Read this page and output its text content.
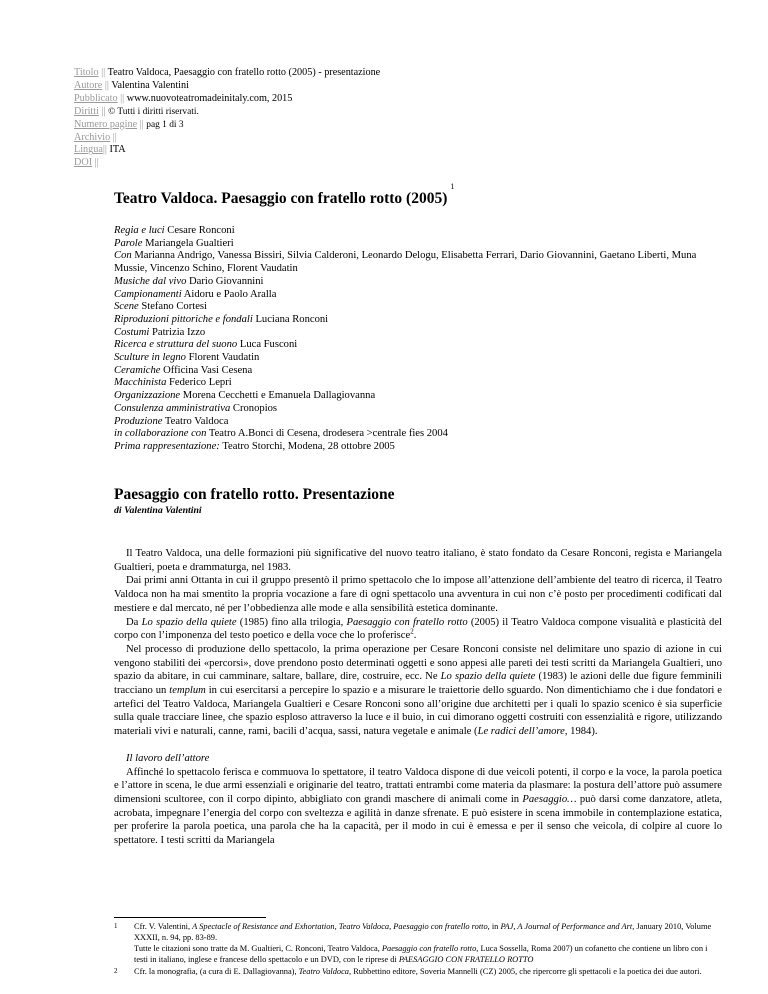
Titolo || Teatro Valdoca, Paesaggio con fratello rotto (2005) - presentazione
Autore || Valentina Valentini
Pubblicato || www.nuovoteatromadeinitaly.com, 2015
Diritti || © Tutti i diritti riservati.
Numero pagine || pag 1 di 3
Archivio ||
Lingua|| ITA
DOI ||
Teatro Valdoca. Paesaggio con fratello rotto $(2005)^1$
Regia e luci Cesare Ronconi
Parole Mariangela Gualtieri
Con Marianna Andrigo, Vanessa Bissiri, Silvia Calderoni, Leonardo Delogu, Elisabetta Ferrari, Dario Giovannini, Gaetano Liberti, Muna Mussie, Vincenzo Schino, Florent Vaudatin
Musiche dal vivo Dario Giovannini
Campionamenti Aidoru e Paolo Aralla
Scene Stefano Cortesi
Riproduzioni pittoriche e fondali Luciana Ronconi
Costumi Patrizia Izzo
Ricerca e struttura del suono Luca Fusconi
Sculture in legno Florent Vaudatin
Ceramiche Officina Vasi Cesena
Macchinista Federico Lepri
Organizzazione Morena Cecchetti e Emanuela Dallagiovanna
Consulenza amministrativa Cronopios
Produzione Teatro Valdoca
in collaborazione con Teatro A.Bonci di Cesena, drodesera >centrale fies 2004
Prima rappresentazione: Teatro Storchi, Modena, 28 ottobre 2005
Paesaggio con fratello rotto. Presentazione
di Valentina Valentini

Il Teatro Valdoca, una delle formazioni più significative del nuovo teatro italiano, è stato fondato da Cesare Ronconi, regista e Mariangela Gualtieri, poeta e drammaturga, nel 1983.

Dai primi anni Ottanta in cui il gruppo presentò il primo spettacolo che lo impose all’attenzione dell’ambiente del teatro di ricerca, il Teatro Valdoca non ha mai smentito la propria vocazione a fare di ogni spettacolo una avventura in cui non c’è posto per procedimenti codificati dal mestiere e dal mercato, né per l’obbedienza alle mode e alla sensibilità estetica dominante.

Da Lo spazio della quiete (1985) fino alla trilogia, Paesaggio con fratello rotto (2005) il Teatro Valdoca compone visualità e plasticità del corpo con l’imponenza del testo poetico e della voce che lo proferisce$^2$.

Nel processo di produzione dello spettacolo, la prima operazione per Cesare Ronconi consiste nel delimitare uno spazio di azione in cui vengono stabiliti dei «percorsi», dove prendono posto determinati oggetti e sono appesi alle pareti dei testi scritti da Mariangela Gualtieri, uno spazio da abitare, in cui camminare, saltare, ballare, dire, costruire, ecc. Ne Lo spazio della quiete (1983) le azioni delle due figure femminili tracciano un templum in cui esercitarsi a percepire lo spazio e a misurare le traiettorie dello sguardo. Non dimentichiamo che i due fondatori e artefici del Teatro Valdoca, Mariangela Gualtieri e Cesare Ronconi sono all’origine due architetti per i quali lo spazio scenico è sia superficie sulla quale tracciare linee, che spazio esploso attraverso la luce e il buio, in cui dimorano oggetti costruiti con essenzialità e rigore, utilizzando materiali vivi e naturali, canne, rami, bacili d’acqua, sassi, natura vegetale e animale (Le radici dell’amore, 1984).

Il lavoro dell’attore

Affinché lo spettacolo ferisca e commuova lo spettatore, il teatro Valdoca dispone di due veicoli potenti, il corpo e la voce, la parola poetica e l’attore in scena, le due armi essenziali e originarie del teatro, trattati entrambi come materia da plasmare: la postura dell’attore può assumere dimensioni scultoree, con il corpo dipinto, abbigliato con grandi maschere di animali come in Paesaggio… può darsi come danzatore, atleta, acrobata, impegnare l’energia del corpo con sveltezza e agilità in danze sfrenate. E può esistere in scena immobile in contemplazione estatica, per proferire la parola poetica, una parola che ha la capacità, per il modo in cui è emessa e per il senso che veicola, di colpire al cuore lo spettatore. I testi scritti da Mariangela

1 Cfr. V. Valentini, A Spectacle of Resistance and Exhortation, Teatro Valdoca, Paesaggio con fratello rotto, in PAJ, A Journal of Performance and Art, January 2010, Volume XXXII, n. 94, pp. 83-89.
Tutte le citazioni sono tratte da M. Gualtieri, C. Ronconi, Teatro Valdoca, Paesaggio con fratello rotto, Luca Sossella, Roma 2007) un cofanetto che contiene un libro con i testi in italiano, inglese e francese dello spettacolo e un DVD, con le riprese di PAESAGGIO CON FRATELLO ROTTO
2 Cfr. la monografia, (a cura di E. Dallagiovanna), Teatro Valdoca, Rubbettino editore, Soveria Mannelli (CZ) 2005, che ripercorre gli spettacoli e la poetica dei due autori.
